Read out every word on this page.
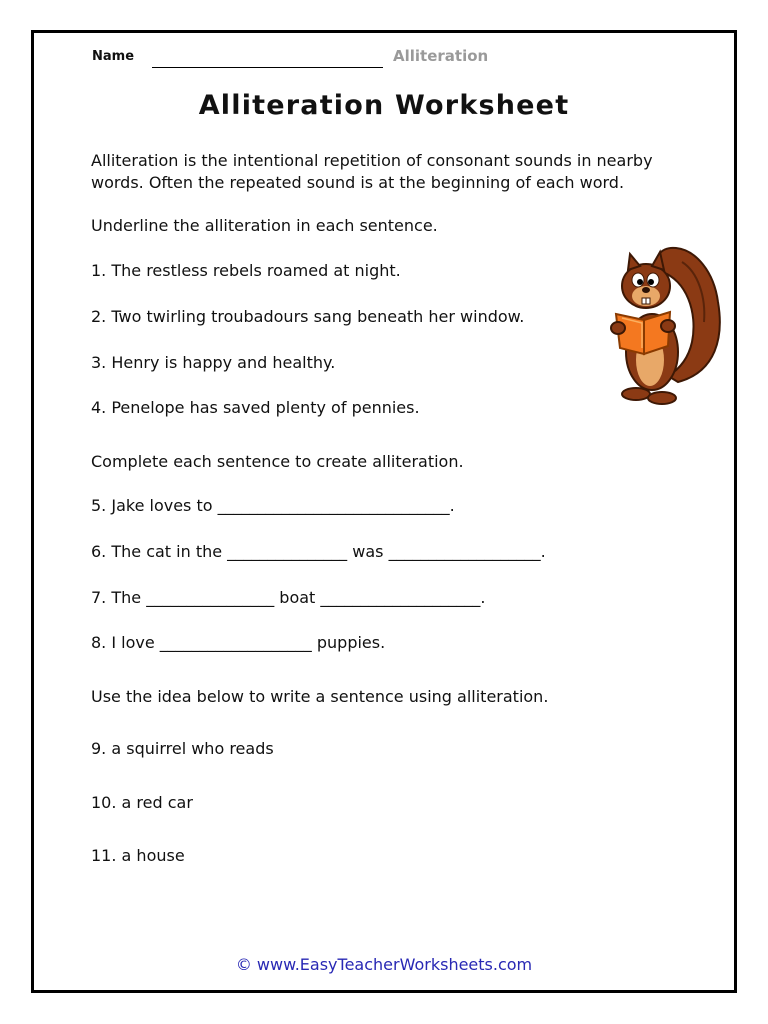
Name	Alliteration
Alliteration Worksheet
Alliteration is the intentional repetition of consonant sounds in nearby
words. Often the repeated sound is at the beginning of each word.
Underline the alliteration in each sentence.
1. The restless rebels roamed at night.
2. Two twirling troubadours sang beneath her window.
3. Henry is happy and healthy.
4. Penelope has saved plenty of pennies.
Complete each sentence to create alliteration.
5. Jake loves to _____________________________.
6. The cat in the _______________ was ___________________.
7. The ________________ boat ____________________.
8. I love ___________________ puppies.
Use the idea below to write a sentence using alliteration.
9. a squirrel who reads
10. a red car
11. a house
© www.EasyTeacherWorksheets.com
